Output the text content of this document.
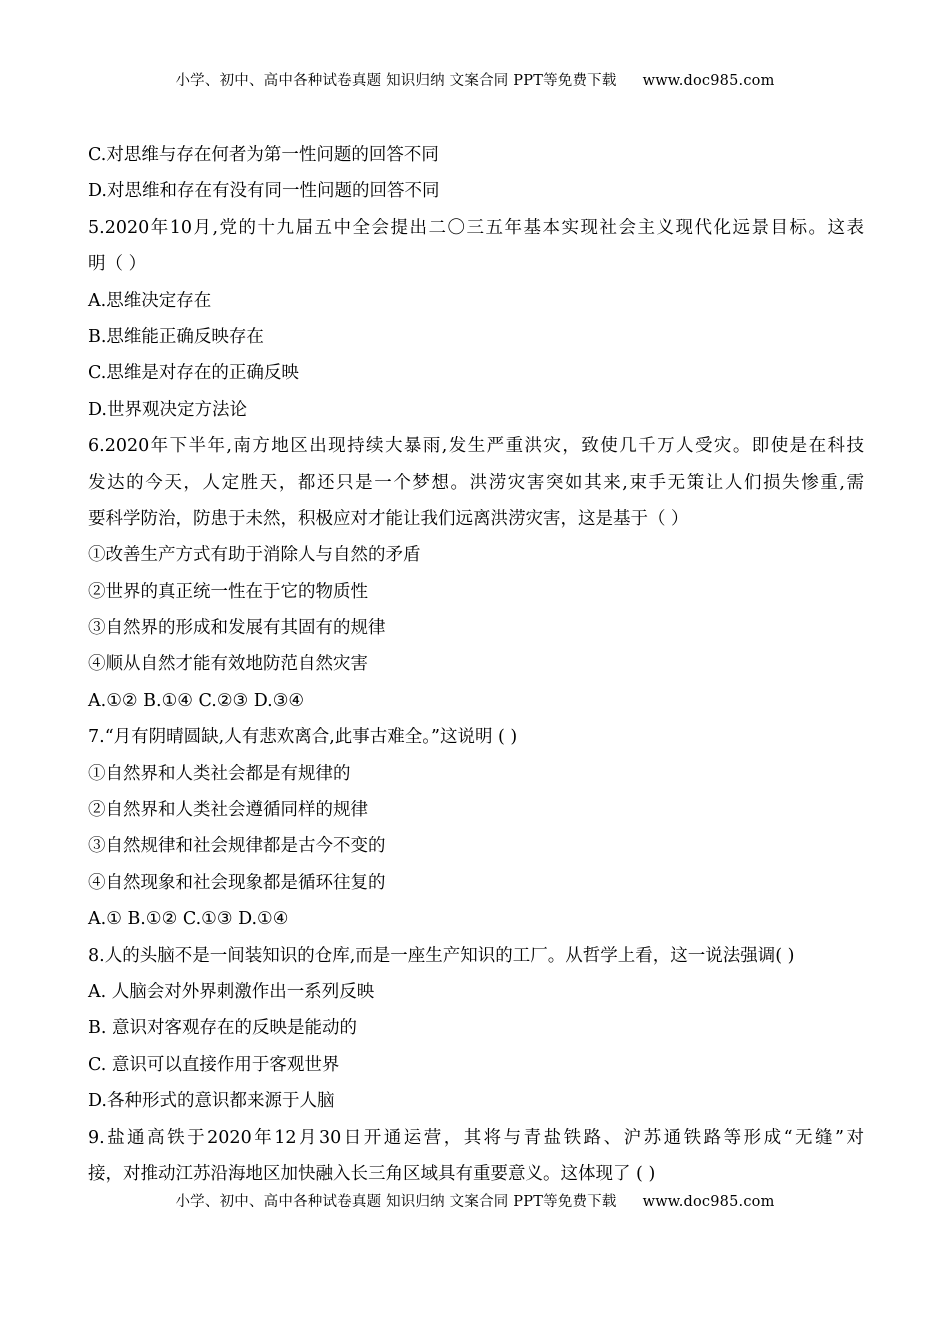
小学、初中、高中各种试卷真题 知识归纳 文案合同 PPT等免费下载 www.doc985.com
C.对思维与存在何者为第一性问题的回答不同
D.对思维和存在有没有同一性问题的回答不同
5.2020年10月,党的十九届五中全会提出二〇三五年基本实现社会主义现代化远景目标。这表
明（ ）
A.思维决定存在
B.思维能正确反映存在
C.思维是对存在的正确反映
D.世界观决定方法论
6.2020年下半年,南方地区出现持续大暴雨,发生严重洪灾，致使几千万人受灾。即使是在科技
发达的今天，人定胜天，都还只是一个梦想。洪涝灾害突如其来,束手无策让人们损失惨重,需
要科学防治，防患于未然，积极应对才能让我们远离洪涝灾害，这是基于（ ）
①改善生产方式有助于消除人与自然的矛盾
②世界的真正统一性在于它的物质性
③自然界的形成和发展有其固有的规律
④顺从自然才能有效地防范自然灾害
A.①② B.①④ C.②③ D.③④
7.“月有阴晴圆缺,人有悲欢离合,此事古难全。”这说明 ( )
①自然界和人类社会都是有规律的
②自然界和人类社会遵循同样的规律
③自然规律和社会规律都是古今不变的
④自然现象和社会现象都是循环往复的
A.① B.①② C.①③ D.①④
8.人的头脑不是一间装知识的仓库,而是一座生产知识的工厂。从哲学上看，这一说法强调( )
A. 人脑会对外界刺激作出一系列反映
B. 意识对客观存在的反映是能动的
C. 意识可以直接作用于客观世界
D.各种形式的意识都来源于人脑
9.盐通高铁于2020年12月30日开通运营，其将与青盐铁路、沪苏通铁路等形成“无缝”对
接，对推动江苏沿海地区加快融入长三角区域具有重要意义。这体现了 ( )
小学、初中、高中各种试卷真题 知识归纳 文案合同 PPT等免费下载 www.doc985.com
